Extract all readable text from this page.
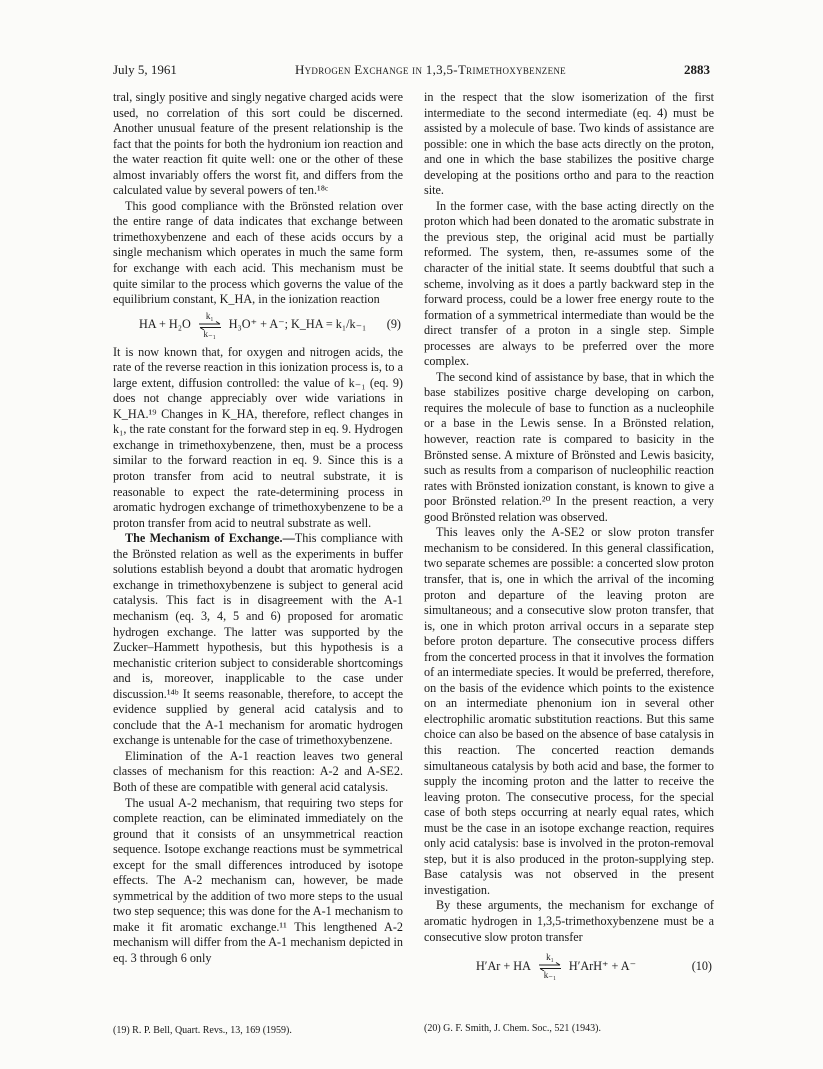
July 5, 1961	Hydrogen Exchange in 1,3,5-Trimethoxybenzene	2883

tral, singly positive and singly negative charged acids were used, no correlation of this sort could be discerned. Another unusual feature of the present relationship is the fact that the points for both the hydronium ion reaction and the water reaction fit quite well: one or the other of these almost invariably offers the worst fit, and differs from the calculated value by several powers of ten.¹⁸ᶜ

This good compliance with the Brönsted relation over the entire range of data indicates that exchange between trimethoxybenzene and each of these acids occurs by a single mechanism which operates in much the same form for exchange with each acid. This mechanism must be quite similar to the process which governs the value of the equilibrium constant, K_HA, in the ionization reaction

HA + H₂O
k₁
k₋₁
H₃O⁺ + A⁻; K_HA = k₁/k₋₁ (9)

It is now known that, for oxygen and nitrogen acids, the rate of the reverse reaction in this ionization process is, to a large extent, diffusion controlled: the value of k₋₁ (eq. 9) does not change appreciably over wide variations in K_HA.¹⁹ Changes in K_HA, therefore, reflect changes in k₁, the rate constant for the forward step in eq. 9. Hydrogen exchange in trimethoxybenzene, then, must be a process similar to the forward reaction in eq. 9. Since this is a proton transfer from acid to neutral substrate, it is reasonable to expect the rate-determining process in aromatic hydrogen exchange of trimethoxybenzene to be a proton transfer from acid to neutral substrate as well.

The Mechanism of Exchange.—This compliance with the Brönsted relation as well as the experiments in buffer solutions establish beyond a doubt that aromatic hydrogen exchange in trimethoxybenzene is subject to general acid catalysis. This fact is in disagreement with the A-1 mechanism (eq. 3, 4, 5 and 6) proposed for aromatic hydrogen exchange. The latter was supported by the Zucker–Hammett hypothesis, but this hypothesis is a mechanistic criterion subject to considerable shortcomings and is, moreover, inapplicable to the case under discussion.¹⁴ᵇ It seems reasonable, therefore, to accept the evidence supplied by general acid catalysis and to conclude that the A-1 mechanism for aromatic hydrogen exchange is untenable for the case of trimethoxybenzene.

Elimination of the A-1 reaction leaves two general classes of mechanism for this reaction: A-2 and A-SE2. Both of these are compatible with general acid catalysis.

The usual A-2 mechanism, that requiring two steps for complete reaction, can be eliminated immediately on the ground that it consists of an unsymmetrical reaction sequence. Isotope exchange reactions must be symmetrical except for the small differences introduced by isotope effects. The A-2 mechanism can, however, be made symmetrical by the addition of two more steps to the usual two step sequence; this was done for the A-1 mechanism to make it fit aromatic exchange.¹¹ This lengthened A-2 mechanism will differ from the A-1 mechanism depicted in eq. 3 through 6 only

(19) R. P. Bell, Quart. Revs., 13, 169 (1959).

in the respect that the slow isomerization of the first intermediate to the second intermediate (eq. 4) must be assisted by a molecule of base. Two kinds of assistance are possible: one in which the base acts directly on the proton, and one in which the base stabilizes the positive charge developing at the positions ortho and para to the reaction site.

In the former case, with the base acting directly on the proton which had been donated to the aromatic substrate in the previous step, the original acid must be partially reformed. The system, then, re-assumes some of the character of the initial state. It seems doubtful that such a scheme, involving as it does a partly backward step in the forward process, could be a lower free energy route to the formation of a symmetrical intermediate than would be the direct transfer of a proton in a single step. Simple processes are always to be preferred over the more complex.

The second kind of assistance by base, that in which the base stabilizes positive charge developing on carbon, requires the molecule of base to function as a nucleophile or a base in the Lewis sense. In a Brönsted relation, however, reaction rate is compared to basicity in the Brönsted sense. A mixture of Brönsted and Lewis basicity, such as results from a comparison of nucleophilic reaction rates with Brönsted ionization constant, is known to give a poor Brönsted relation.²⁰ In the present reaction, a very good Brönsted relation was observed.

This leaves only the A-SE2 or slow proton transfer mechanism to be considered. In this general classification, two separate schemes are possible: a concerted slow proton transfer, that is, one in which the arrival of the incoming proton and departure of the leaving proton are simultaneous; and a consecutive slow proton transfer, that is, one in which proton arrival occurs in a separate step before proton departure. The consecutive process differs from the concerted process in that it involves the formation of an intermediate species. It would be preferred, therefore, on the basis of the evidence which points to the existence on an intermediate phenonium ion in several other electrophilic aromatic substitution reactions. But this same choice can also be based on the absence of base catalysis in this reaction. The concerted reaction demands simultaneous catalysis by both acid and base, the former to supply the incoming proton and the latter to receive the leaving proton. The consecutive process, for the special case of both steps occurring at nearly equal rates, which must be the case in an isotope exchange reaction, requires only acid catalysis: base is involved in the proton-removal step, but it is also produced in the proton-supplying step. Base catalysis was not observed in the present investigation.

By these arguments, the mechanism for exchange of aromatic hydrogen in 1,3,5-trimethoxybenzene must be a consecutive slow proton transfer

H′Ar + HA
k₁
k₋₁
H′ArH⁺ + A⁻	(10)
(20) G. F. Smith, J. Chem. Soc., 521 (1943).
